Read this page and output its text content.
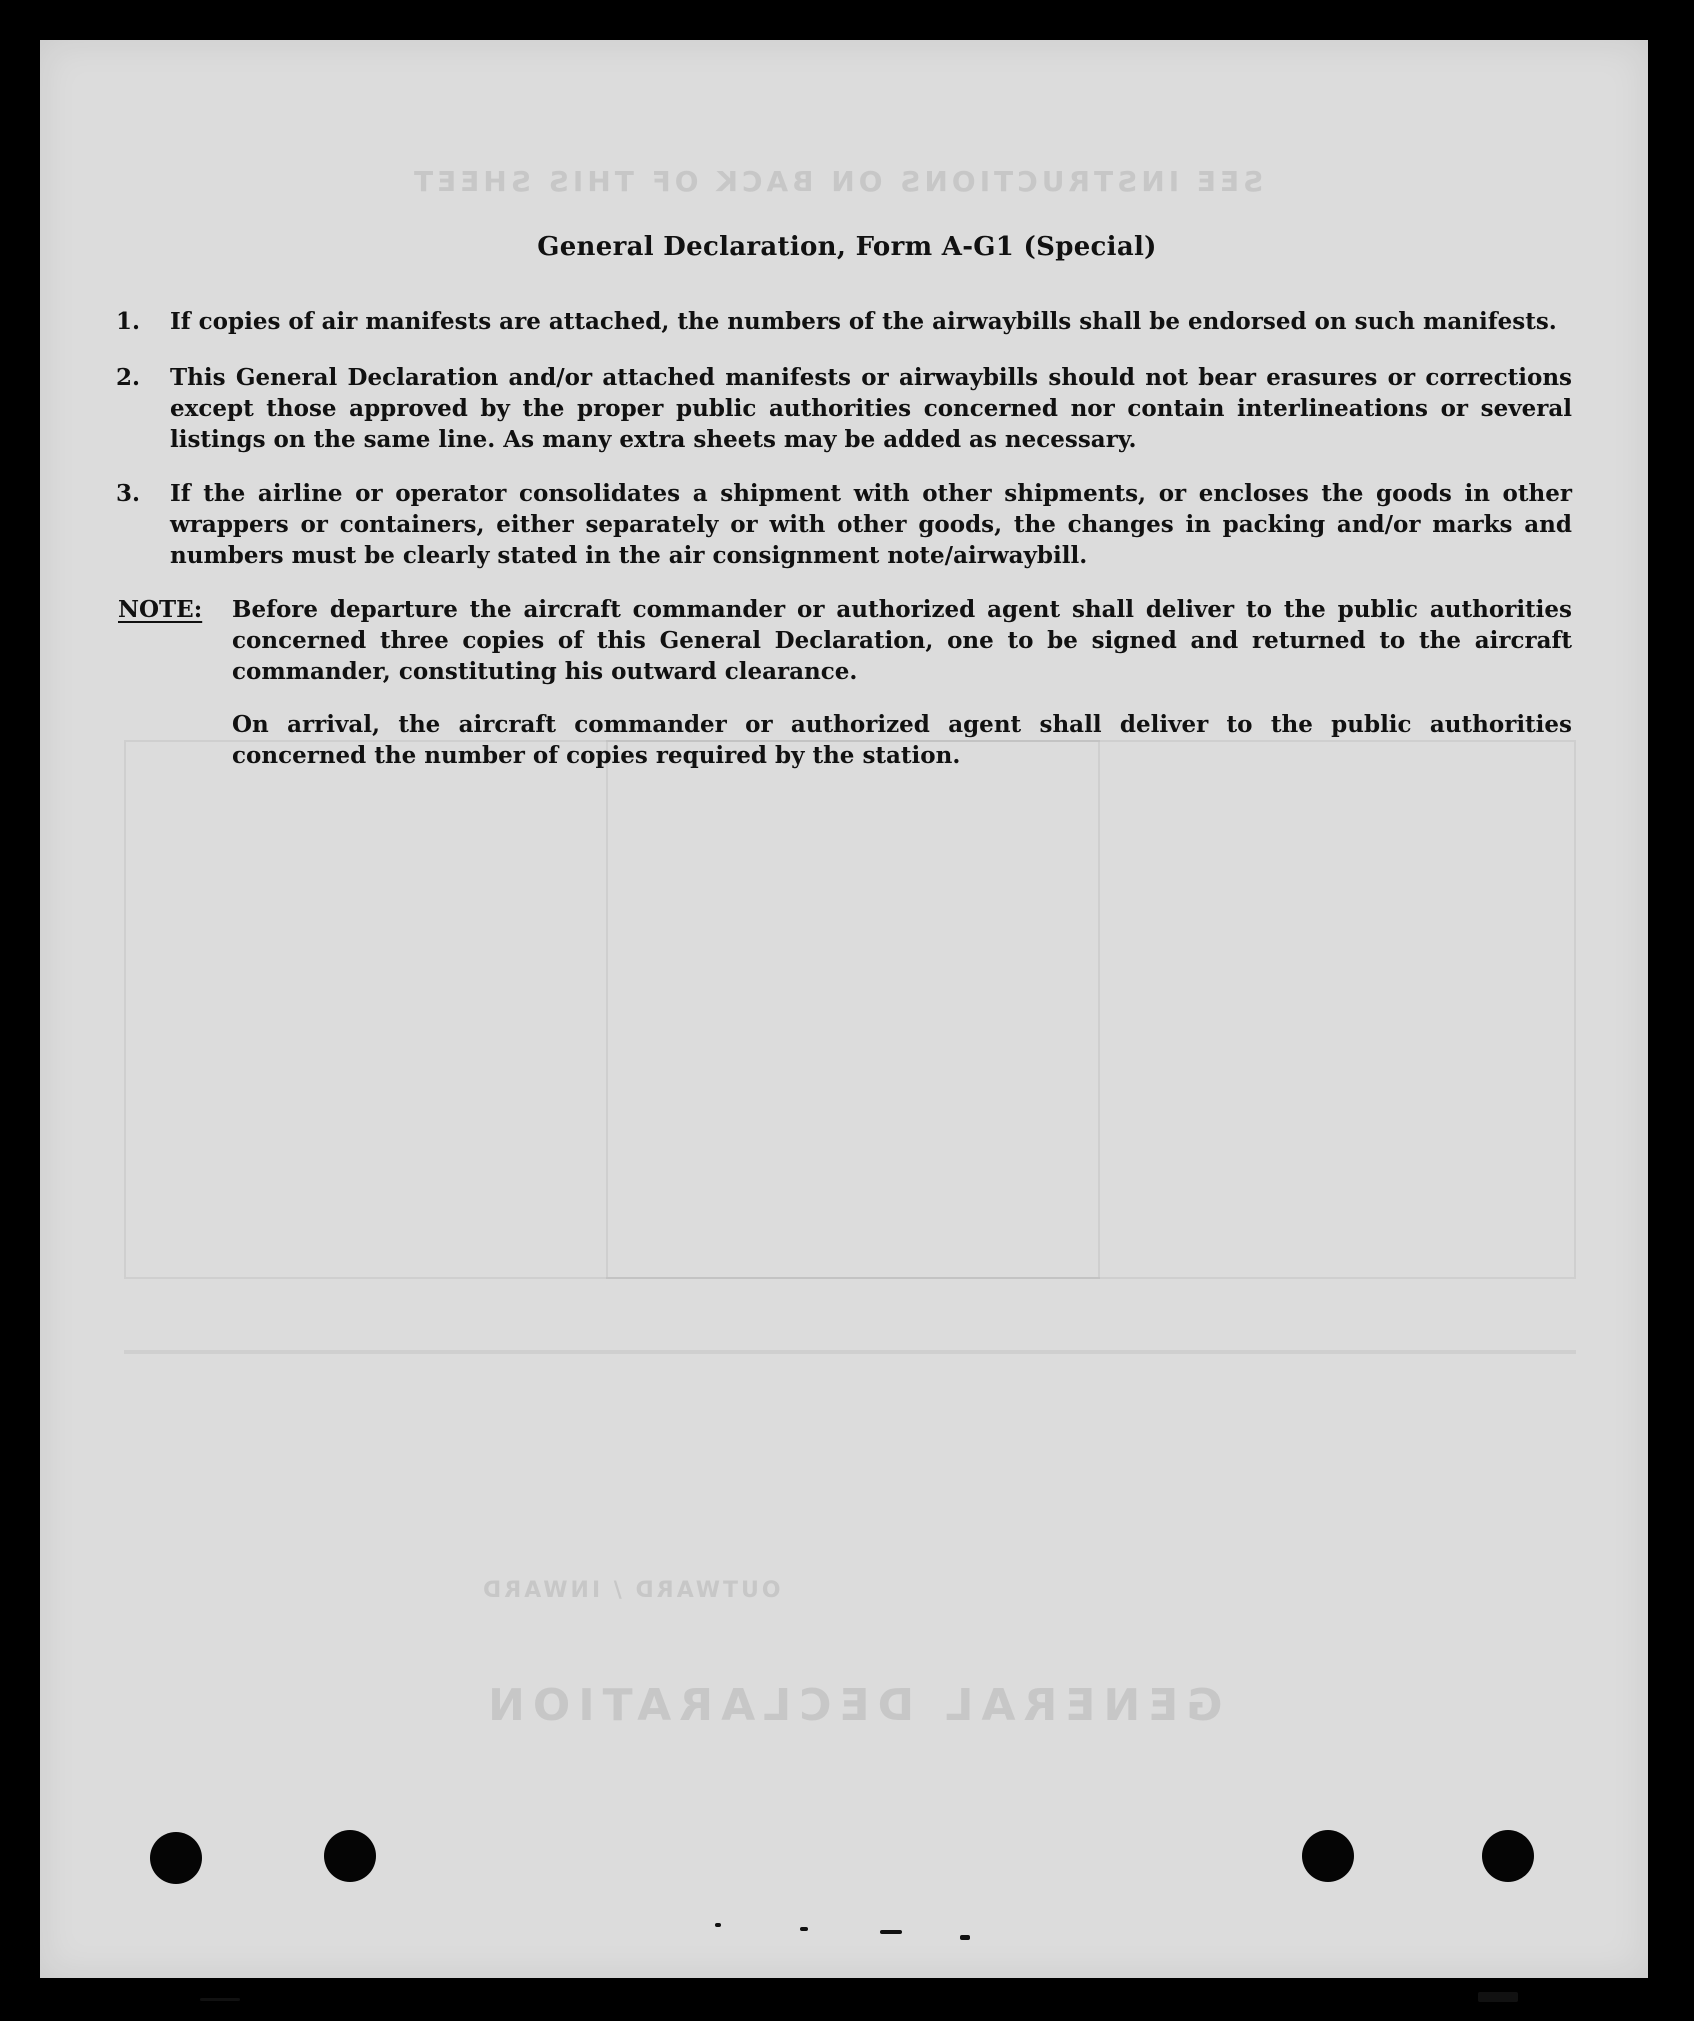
GENERAL DECLARATION
OUTWARD / INWARD
SEE INSTRUCTIONS ON BACK OF THIS SHEET
General Declaration, Form A-G1 (Special)
1.	If copies of air manifests are attached, the numbers of the airwaybills shall be endorsed on such manifests.
2.	This General Declaration and/or attached manifests or airwaybills should not bear erasures or corrections except those approved by the proper public authorities concerned nor contain interlineations or several listings on the same line. As many extra sheets may be added as necessary.
3.	If the airline or operator consolidates a shipment with other shipments, or encloses the goods in other wrappers or containers, either separately or with other goods, the changes in packing and/or marks and numbers must be clearly stated in the air consignment note/airwaybill.
NOTE: Before departure the aircraft commander or authorized agent shall deliver to the public authorities concerned three copies of this General Declaration, one to be signed and returned to the aircraft commander, constituting his outward clearance.
On arrival, the aircraft commander or authorized agent shall deliver to the public authorities concerned the number of copies required by the station.
